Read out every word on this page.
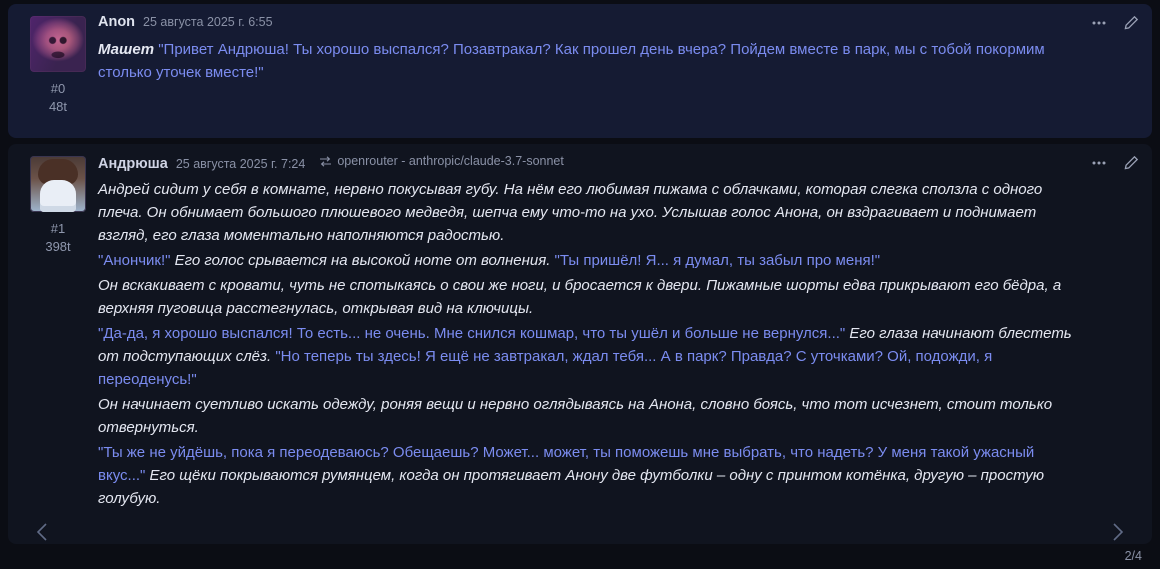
#0
48t
Anon 25 августа 2025 г. 6:55

Машет "Привет Андрюша! Ты хорошо выспался? Позавтракал? Как прошел день вчера? Пойдем вместе в парк, мы с тобой покормим столько уточек вместе!"

#1
398t
Андрюша 25 августа 2025 г. 7:24	openrouter - anthropic/claude-3.7-sonnet

Андрей сидит у себя в комнате, нервно покусывая губу. На нём его любимая пижама с облачками, которая слегка сползла с одного плеча. Он обнимает большого плюшевого медведя, шепча ему что-то на ухо. Услышав голос Анона, он вздрагивает и поднимает взгляд, его глаза моментально наполняются радостью.

"Анончик!" Его голос срывается на высокой ноте от волнения. "Ты пришёл! Я... я думал, ты забыл про меня!"

Он вскакивает с кровати, чуть не спотыкаясь о свои же ноги, и бросается к двери. Пижамные шорты едва прикрывают его бёдра, а верхняя пуговица расстегнулась, открывая вид на ключицы.

"Да-да, я хорошо выспался! То есть... не очень. Мне снился кошмар, что ты ушёл и больше не вернулся..." Его глаза начинают блестеть от подступающих слёз. "Но теперь ты здесь! Я ещё не завтракал, ждал тебя... А в парк? Правда? С уточками? Ой, подожди, я переоденусь!"

Он начинает суетливо искать одежду, роняя вещи и нервно оглядываясь на Анона, словно боясь, что тот исчезнет, стоит только отвернуться.

"Ты же не уйдёшь, пока я переодеваюсь? Обещаешь? Может... может, ты поможешь мне выбрать, что надеть? У меня такой ужасный вкус..." Его щёки покрываются румянцем, когда он протягивает Анону две футболки – одну с принтом котёнка, другую – простую голубую.

2/4
